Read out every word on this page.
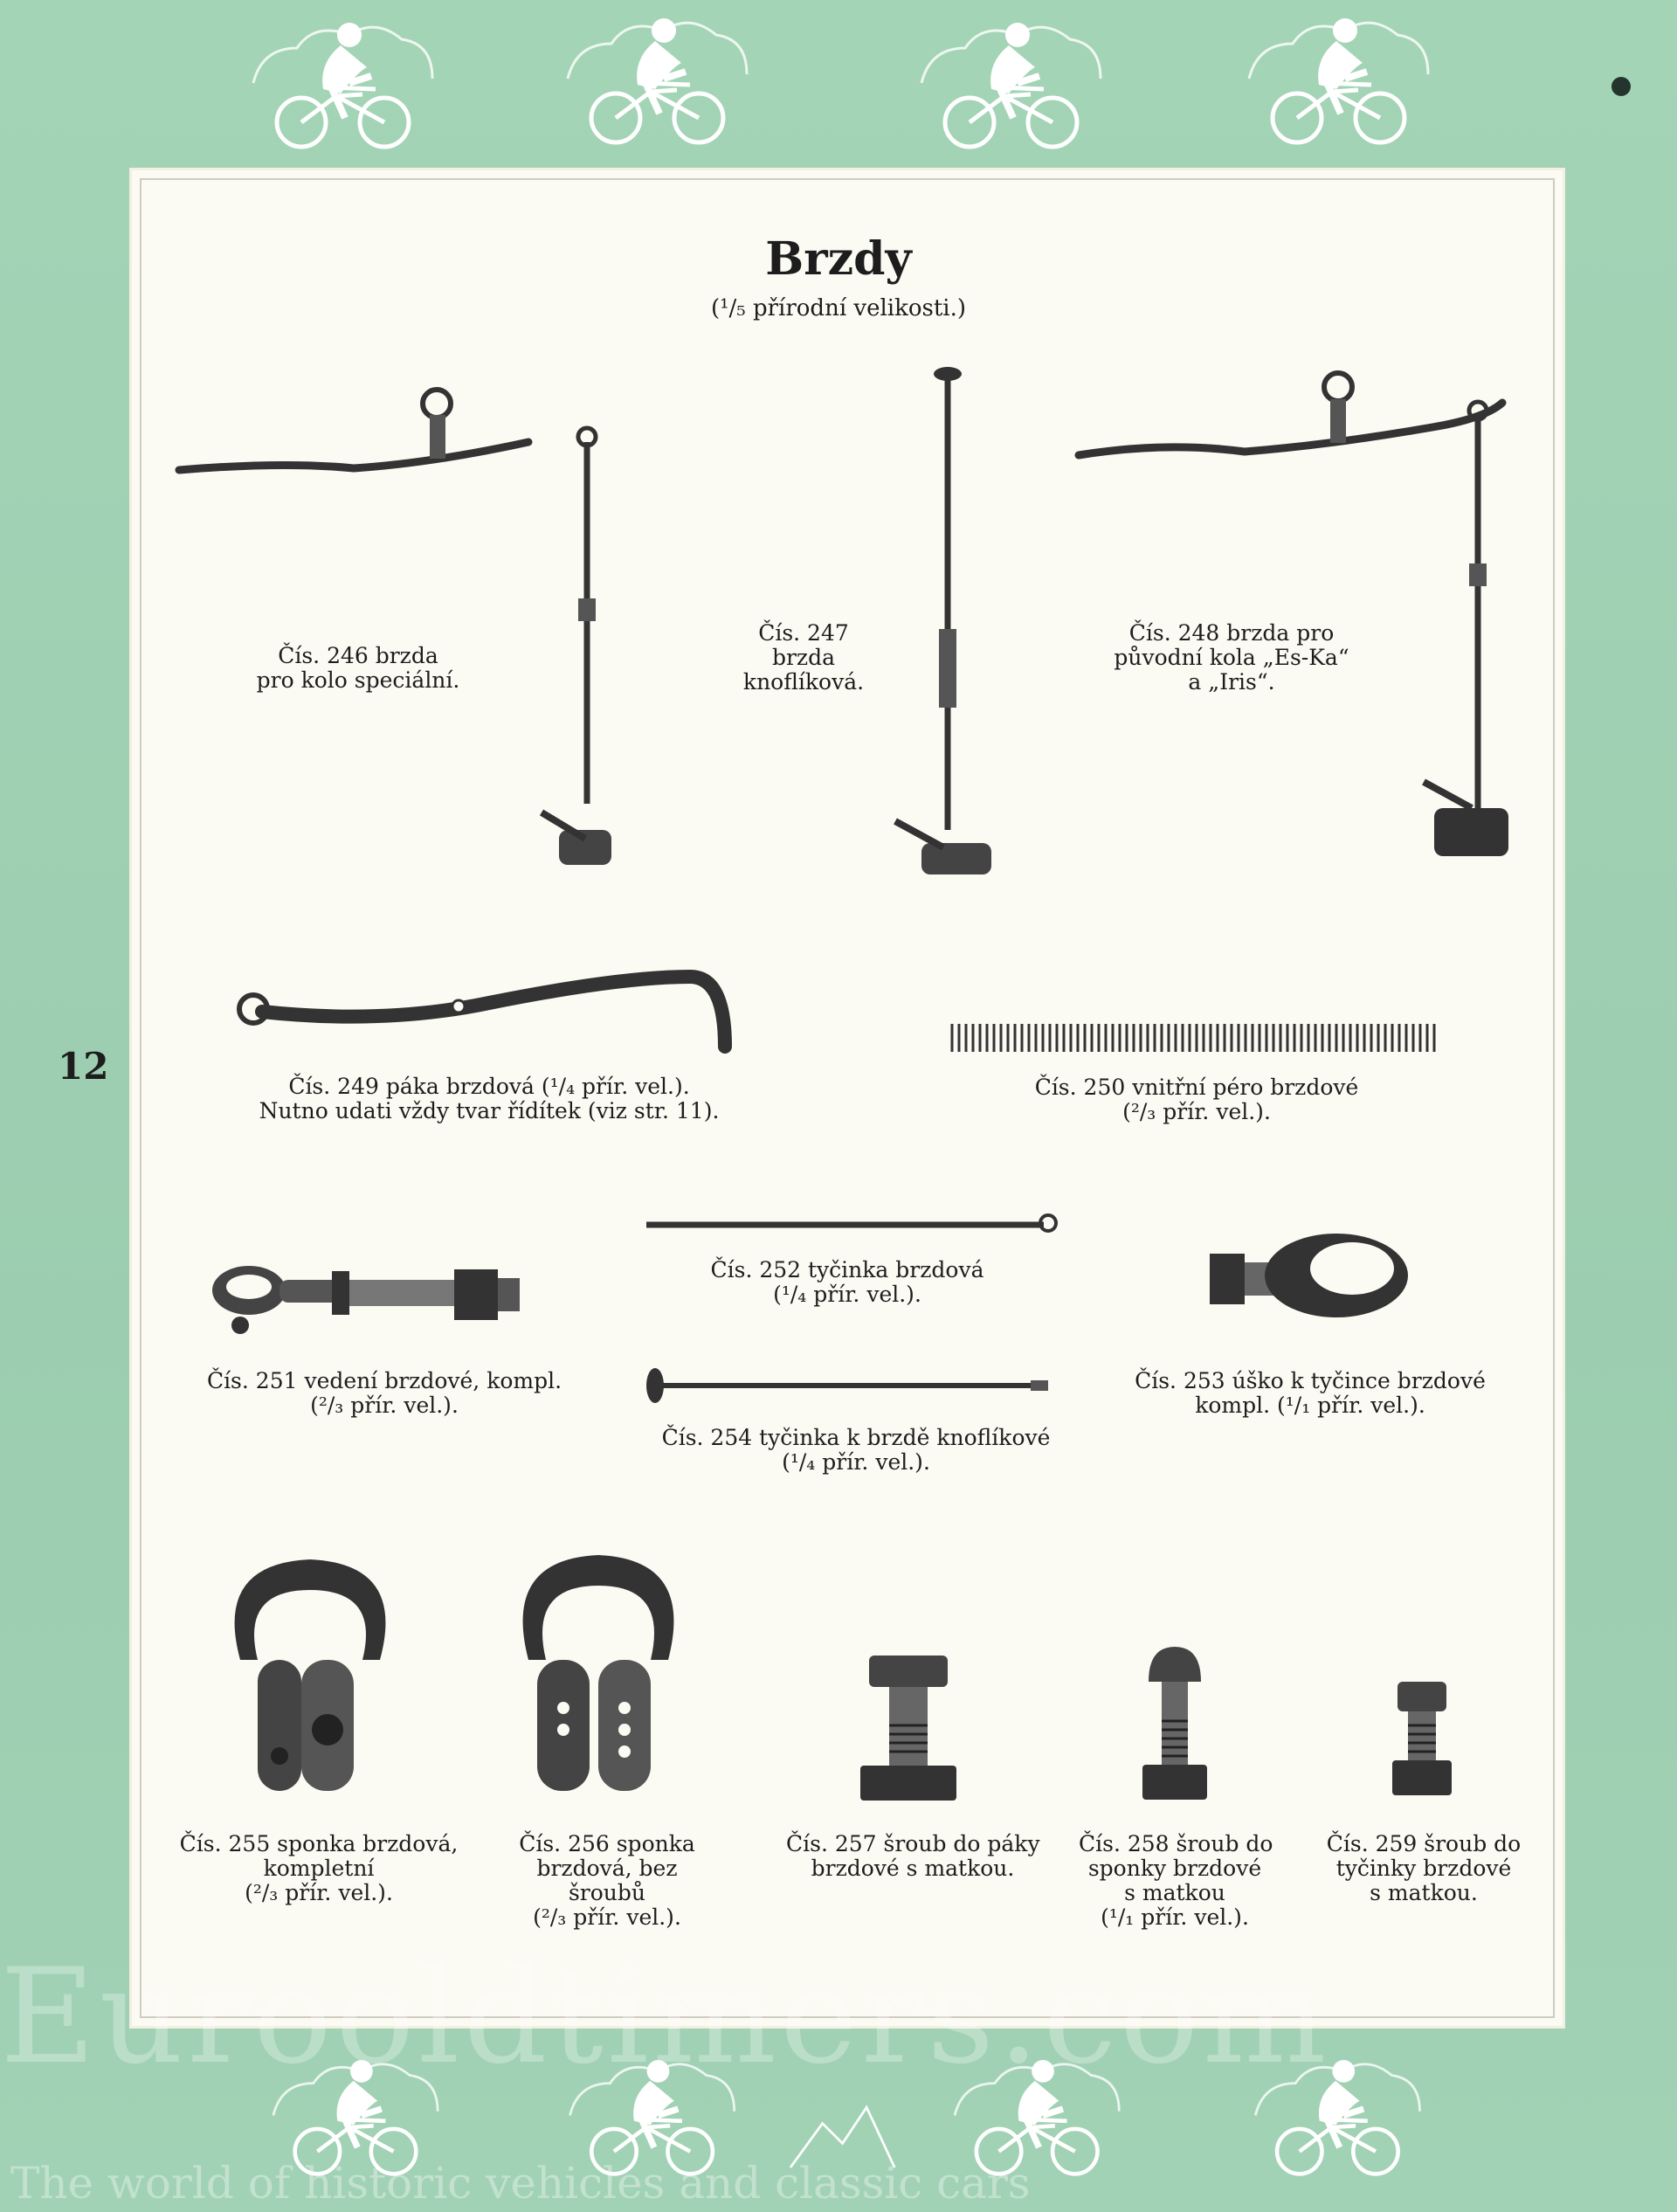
12
Brzdy
(¹/₅ přírodní velikosti.)
Čís. 246 brzda
pro kolo speciální.
Čís. 247
brzda
knoflíková.
Čís. 248 brzda pro
původní kola „Es-Ka“
a „Iris“.
Čís. 249 páka brzdová (¹/₄ přír. vel.).
Nutno udati vždy tvar řídítek (viz str. 11).
Čís. 250 vnitřní péro brzdové
(²/₃ přír. vel.).
Čís. 251 vedení brzdové, kompl.
(²/₃ přír. vel.).
Čís. 252 tyčinka brzdová
(¹/₄ přír. vel.).
Čís. 253 úško k tyčince brzdové
kompl. (¹/₁ přír. vel.).
Čís. 254 tyčinka k brzdě knoflíkové
(¹/₄ přír. vel.).
Čís. 255 sponka brzdová,
kompletní
(²/₃ přír. vel.).
Čís. 256 sponka
brzdová, bez
šroubů
(²/₃ přír. vel.).
Čís. 257 šroub do páky
brzdové s matkou.
Čís. 258 šroub do
sponky brzdové
s matkou
(¹/₁ přír. vel.).
Čís. 259 šroub do
tyčinky brzdové
s matkou.
Eurooldtimers.com
The world of historic vehicles and classic cars
